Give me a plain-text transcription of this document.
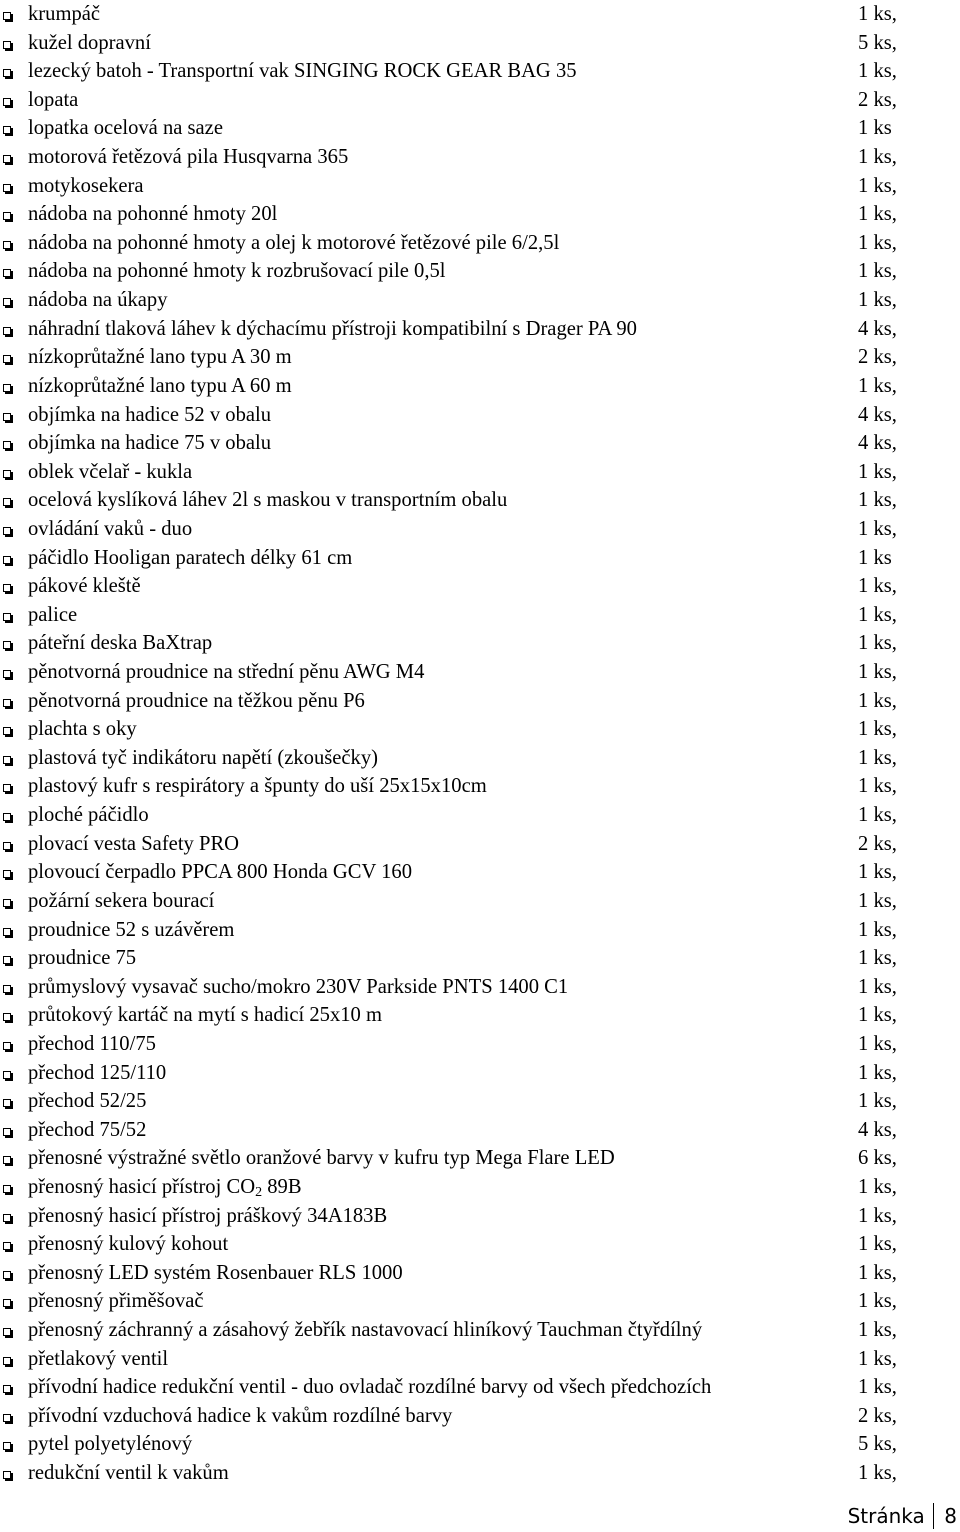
krumpáč	1 ks,
kužel dopravní	5 ks,
lezecký batoh - Transportní vak SINGING ROCK GEAR BAG 35	1 ks,
lopata	2 ks,
lopatka ocelová na saze	1 ks
motorová řetězová pila Husqvarna 365	1 ks,
motykosekera	1 ks,
nádoba na pohonné hmoty 20l	1 ks,
nádoba na pohonné hmoty a olej k motorové řetězové pile 6/2,5l	1 ks,
nádoba na pohonné hmoty k rozbrušovací pile 0,5l	1 ks,
nádoba na úkapy	1 ks,
náhradní tlaková láhev k dýchacímu přístroji kompatibilní s Drager PA 90	4 ks,
nízkoprůtažné lano typu A 30 m	2 ks,
nízkoprůtažné lano typu A 60 m	1 ks,
objímka na hadice 52 v obalu	4 ks,
objímka na hadice 75 v obalu	4 ks,
oblek včelař - kukla	1 ks,
ocelová kyslíková láhev 2l s maskou v transportním obalu	1 ks,
ovládání vaků - duo	1 ks,
páčidlo Hooligan paratech délky 61 cm	1 ks
pákové kleště	1 ks,
palice	1 ks,
páteřní deska BaXtrap	1 ks,
pěnotvorná proudnice na střední pěnu AWG M4	1 ks,
pěnotvorná proudnice na těžkou pěnu P6	1 ks,
plachta s oky	1 ks,
plastová tyč indikátoru napětí (zkoušečky)	1 ks,
plastový kufr s respirátory a špunty do uší 25x15x10cm	1 ks,
ploché páčidlo	1 ks,
plovací vesta Safety PRO	2 ks,
plovoucí čerpadlo PPCA 800 Honda GCV 160	1 ks,
požární sekera bourací	1 ks,
proudnice 52 s uzávěrem	1 ks,
proudnice 75	1 ks,
průmyslový vysavač sucho/mokro 230V Parkside PNTS 1400 C1	1 ks,
průtokový kartáč na mytí s hadicí 25x10 m	1 ks,
přechod 110/75	1 ks,
přechod 125/110	1 ks,
přechod 52/25	1 ks,
přechod 75/52	4 ks,
přenosné výstražné světlo oranžové barvy v kufru typ Mega Flare LED	6 ks,
přenosný hasicí přístroj $CO_2$ 89B	1 ks,
přenosný hasicí přístroj práškový 34A183B	1 ks,
přenosný kulový kohout	1 ks,
přenosný LED systém Rosenbauer RLS 1000	1 ks,
přenosný přiměšovač	1 ks,
přenosný záchranný a zásahový žebřík nastavovací hliníkový Tauchman čtyřdílný	1 ks,
přetlakový ventil	1 ks,
přívodní hadice redukční ventil - duo ovladač rozdílné barvy od všech předchozích	1 ks,
přívodní vzduchová hadice k vakům rozdílné barvy	2 ks,
pytel polyetylénový	5 ks,
redukční ventil k vakům	1 ks,
Stránka 8
